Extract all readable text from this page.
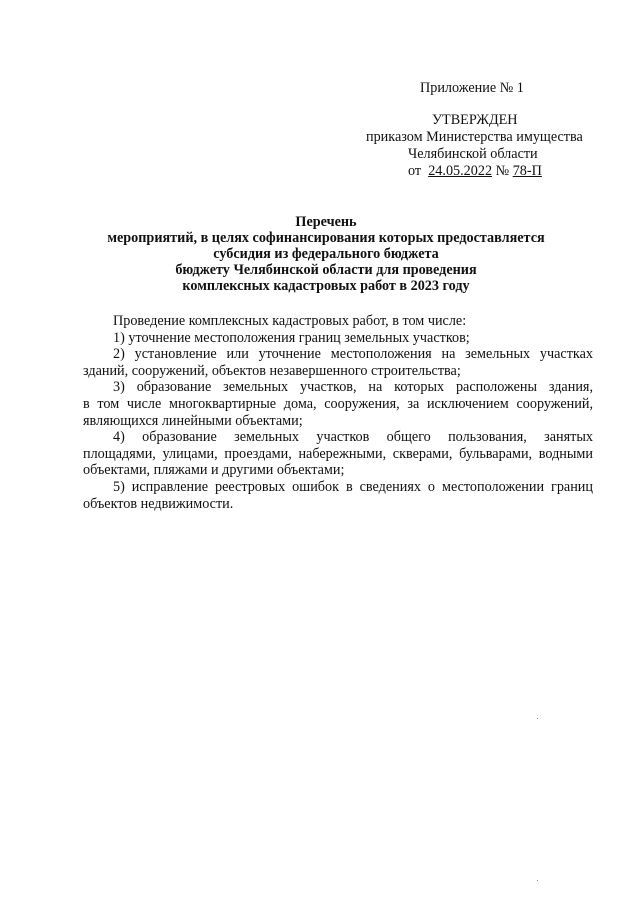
Приложение № 1
УТВЕРЖДЕН
приказом Министерства имущества
Челябинской области
от 24.05.2022 № 78-П
Перечень
мероприятий, в целях софинансирования которых предоставляется
субсидия из федерального бюджета
бюджету Челябинской области для проведения
комплексных кадастровых работ в 2023 году
Проведение комплексных кадастровых работ, в том числе:
1) уточнение местоположения границ земельных участков;
2) установление или уточнение местоположения на земельных участках
зданий, сооружений, объектов незавершенного строительства;
3) образование земельных участков, на которых расположены здания,
в том числе многоквартирные дома, сооружения, за исключением сооружений,
являющихся линейными объектами;
4) образование земельных участков общего пользования, занятых
площадями, улицами, проездами, набережными, скверами, бульварами, водными
объектами, пляжами и другими объектами;
5) исправление реестровых ошибок в сведениях о местоположении границ
объектов недвижимости.
